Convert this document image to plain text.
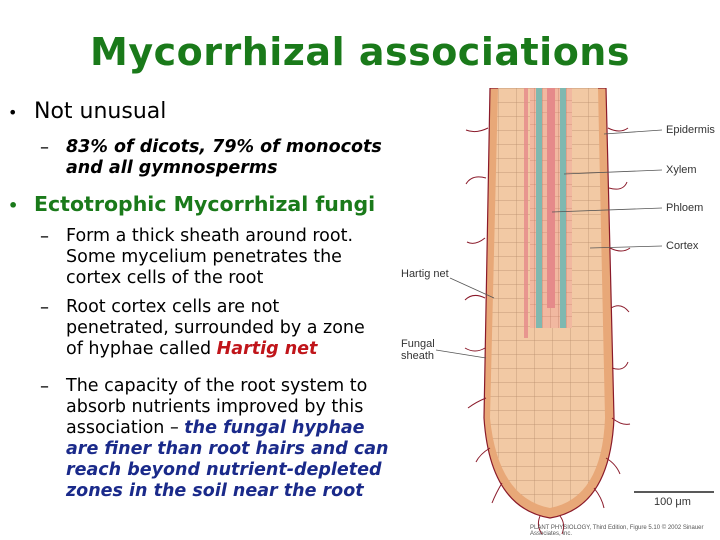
Mycorrhizal associations
• Not unusual
– 83% of dicots, 79% of monocots
and all gymnosperms
• Ectotrophic Mycorrhizal fungi
– Form a thick sheath around root.
Some mycelium penetrates the
cortex cells of the root
– Root cortex cells are not
penetrated, surrounded by a zone
of hyphae called Hartig net
– The capacity of the root system to
absorb nutrients improved by this
association – the fungal hyphae
are finer than root hairs and can
reach beyond nutrient-depleted
zones in the soil near the root
Epidermis
Xylem
Phloem
Cortex
Hartig net
Fungal
sheath
100 μm
PLANT PHYSIOLOGY, Third Edition, Figure 5.10 © 2002 Sinauer Associates, Inc.
